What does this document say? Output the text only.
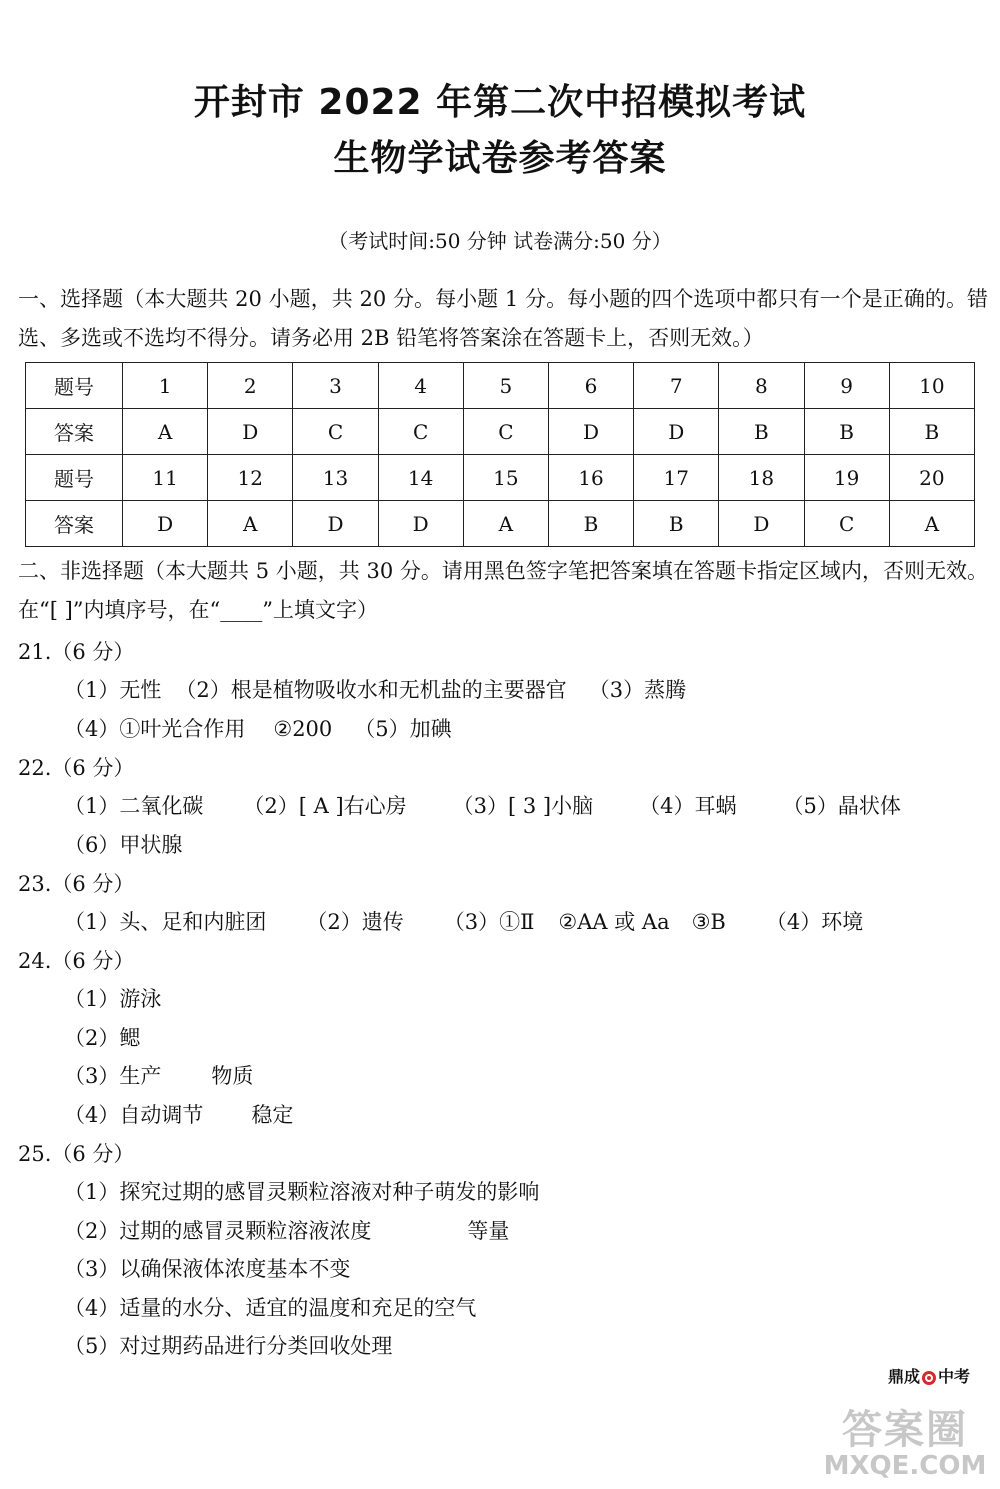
开封市 2022 年第二次中招模拟考试
生物学试卷参考答案
（考试时间:50 分钟 试卷满分:50 分）
一、选择题（本大题共 20 小题，共 20 分。每小题 1 分。每小题的四个选项中都只有一个是正确的。错选、多选或不选均不得分。请务必用 2B 铅笔将答案涂在答题卡上，否则无效。）
题号	1	2	3	4	5	6	7	8	9	10
答案	A	D	C	C	C	D	D	B	B	B
题号	11	12	13	14	15	16	17	18	19	20
答案	D	A	D	D	A	B	B	D	C	A
二、非选择题（本大题共 5 小题，共 30 分。请用黑色签字笔把答案填在答题卡指定区域内，否则无效。在“[ ]”内填序号，在“____”上填文字）
21.（6 分）
（1）无性 （2）根是植物吸收水和无机盐的主要器官 （3）蒸腾
（4）①叶光合作用 ②200 （5）加碘
22.（6 分）
（1）二氧化碳 （2）[ A ]右心房 （3）[ 3 ]小脑 （4）耳蜗 （5）晶状体
（6）甲状腺
23.（6 分）
（1）头、足和内脏团 （2）遗传 （3）①Ⅱ ②AA 或 Aa ③B （4）环境
24.（6 分）
（1）游泳
（2）鳃
（3）生产 物质
（4）自动调节 稳定
25.（6 分）
（1）探究过期的感冒灵颗粒溶液对种子萌发的影响
（2）过期的感冒灵颗粒溶液浓度	等量
（3）以确保液体浓度基本不变
（4）适量的水分、适宜的温度和充足的空气
（5）对过期药品进行分类回收处理
鼎成 中考
答案圈
MXQE.COM
